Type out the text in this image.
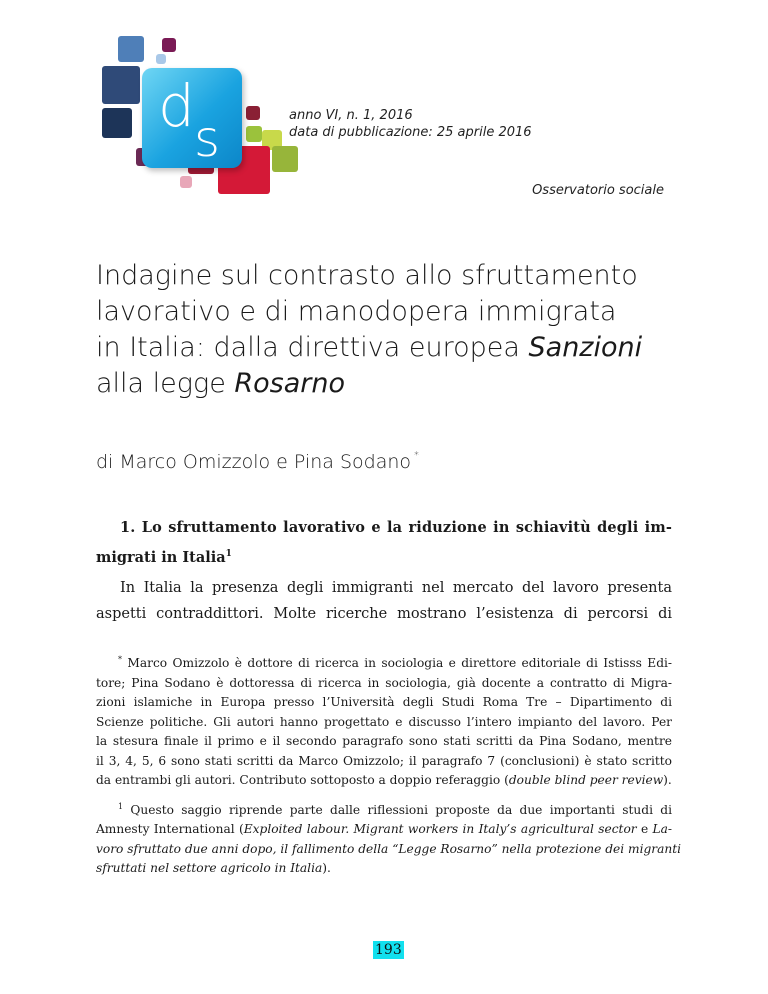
d s	anno VI, n. 1, 2016
data di pubblicazione: 25 aprile 2016
Osservatorio sociale
Indagine sul contrasto allo sfruttamento
lavorativo e di manodopera immigrata
in Italia: dalla direttiva europea Sanzioni
alla legge Rosarno
di Marco Omizzolo e Pina Sodano *
1. Lo sfruttamento lavorativo e la riduzione in schiavitù degli im-
migrati in Italia$^1$
In Italia la presenza degli immigranti nel mercato del lavoro presenta
aspetti contraddittori. Molte ricerche mostrano l’esistenza di percorsi di
* Marco Omizzolo è dottore di ricerca in sociologia e direttore editoriale di Istisss Edi-
tore; Pina Sodano è dottoressa di ricerca in sociologia, già docente a contratto di Migra-
zioni islamiche in Europa presso l’Università degli Studi Roma Tre – Dipartimento di
Scienze politiche. Gli autori hanno progettato e discusso l’intero impianto del lavoro. Per
la stesura finale il primo e il secondo paragrafo sono stati scritti da Pina Sodano, mentre
il 3, 4, 5, 6 sono stati scritti da Marco Omizzolo; il paragrafo 7 (conclusioni) è stato scritto
da entrambi gli autori. Contributo sottoposto a doppio referaggio (double blind peer review).
$^1$ Questo saggio riprende parte dalle riflessioni proposte da due importanti studi di
Amnesty International (Exploited labour. Migrant workers in Italy’s agricultural sector e La-
voro sfruttato due anni dopo, il fallimento della “Legge Rosarno” nella protezione dei migranti
sfruttati nel settore agricolo in Italia).
193
